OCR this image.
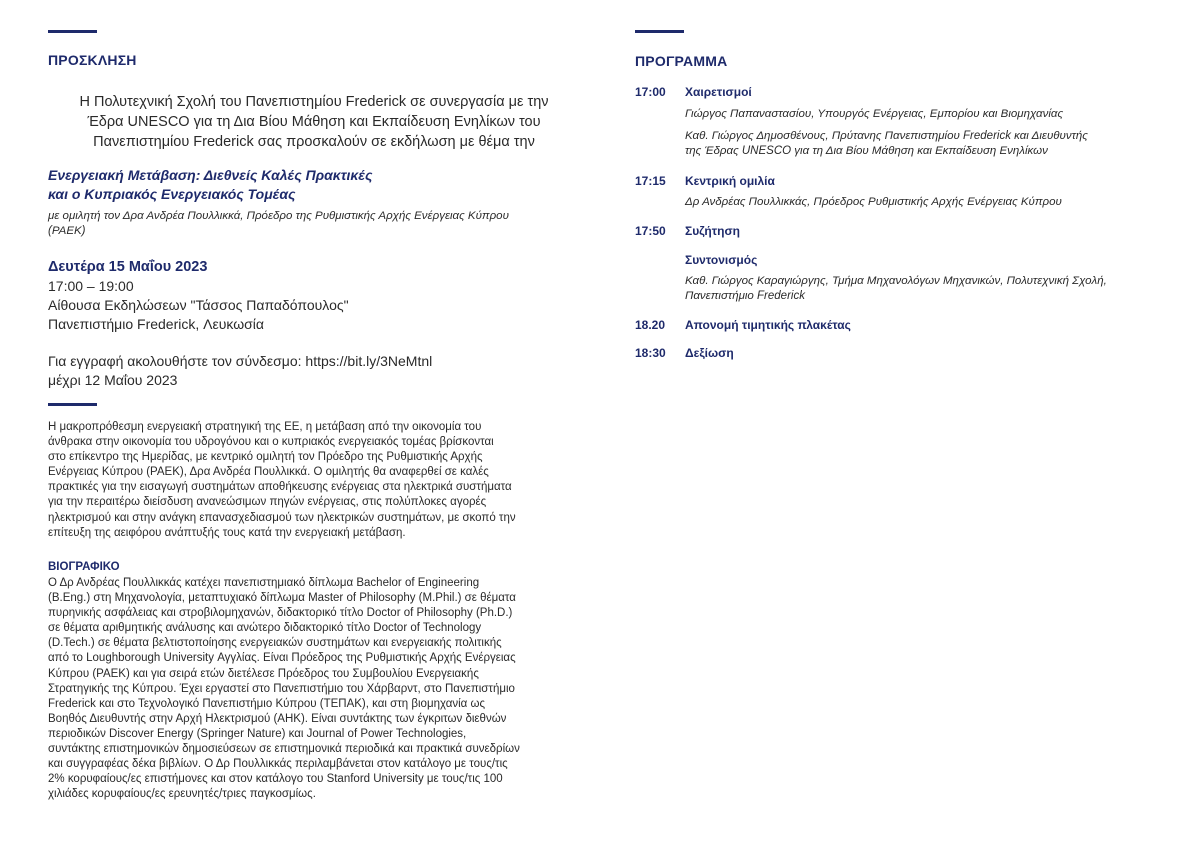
ΠΡΟΣΚΛΗΣΗ
Η Πολυτεχνική Σχολή του Πανεπιστημίου Frederick σε συνεργασία με την
Έδρα UNESCO για τη Δια Βίου Μάθηση και Εκπαίδευση Ενηλίκων του
Πανεπιστημίου Frederick σας προσκαλούν σε εκδήλωση με θέμα την
Ενεργειακή Μετάβαση: Διεθνείς Καλές Πρακτικές
και ο Κυπριακός Ενεργειακός Τομέας
με ομιλητή τον Δρα Ανδρέα Πουλλικκά, Πρόεδρο της Ρυθμιστικής Αρχής Ενέργειας Κύπρου
(ΡΑΕΚ)
Δευτέρα 15 Μαΐου 2023
17:00 – 19:00
Αίθουσα Εκδηλώσεων "Τάσσος Παπαδόπουλος"
Πανεπιστήμιο Frederick, Λευκωσία
Για εγγραφή ακολουθήστε τον σύνδεσμο: https://bit.ly/3NeMtnl
μέχρι 12 Μαΐου 2023
Η μακροπρόθεσμη ενεργειακή στρατηγική της ΕΕ, η μετάβαση από την οικονομία του
άνθρακα στην οικονομία του υδρογόνου και ο κυπριακός ενεργειακός τομέας βρίσκονται
στο επίκεντρο της Ημερίδας, με κεντρικό ομιλητή τον Πρόεδρο της Ρυθμιστικής Αρχής
Ενέργειας Κύπρου (ΡΑΕΚ), Δρα Ανδρέα Πουλλικκά. Ο ομιλητής θα αναφερθεί σε καλές
πρακτικές για την εισαγωγή συστημάτων αποθήκευσης ενέργειας στα ηλεκτρικά συστήματα
για την περαιτέρω διείσδυση ανανεώσιμων πηγών ενέργειας, στις πολύπλοκες αγορές
ηλεκτρισμού και στην ανάγκη επανασχεδιασμού των ηλεκτρικών συστημάτων, με σκοπό την
επίτευξη της αειφόρου ανάπτυξής τους κατά την ενεργειακή μετάβαση.
ΒΙΟΓΡΑΦΙΚΟ
Ο Δρ Ανδρέας Πουλλικκάς κατέχει πανεπιστημιακό δίπλωμα Bachelor of Engineering
(B.Eng.) στη Μηχανολογία, μεταπτυχιακό δίπλωμα Master of Philosophy (M.Phil.) σε θέματα
πυρηνικής ασφάλειας και στροβιλομηχανών, διδακτορικό τίτλο Doctor of Philosophy (Ph.D.)
σε θέματα αριθμητικής ανάλυσης και ανώτερο διδακτορικό τίτλο Doctor of Technology
(D.Tech.) σε θέματα βελτιστοποίησης ενεργειακών συστημάτων και ενεργειακής πολιτικής
από το Loughborough University Αγγλίας. Είναι Πρόεδρος της Ρυθμιστικής Αρχής Ενέργειας
Κύπρου (ΡΑΕΚ) και για σειρά ετών διετέλεσε Πρόεδρος του Συμβουλίου Ενεργειακής
Στρατηγικής της Κύπρου. Έχει εργαστεί στο Πανεπιστήμιο του Χάρβαρντ, στο Πανεπιστήμιο
Frederick και στο Τεχνολογικό Πανεπιστήμιο Κύπρου (ΤΕΠΑΚ), και στη βιομηχανία ως
Βοηθός Διευθυντής στην Αρχή Ηλεκτρισμού (ΑΗΚ). Είναι συντάκτης των έγκριτων διεθνών
περιοδικών Discover Energy (Springer Nature) και Journal of Power Technologies,
συντάκτης επιστημονικών δημοσιεύσεων σε επιστημονικά περιοδικά και πρακτικά συνεδρίων
και συγγραφέας δέκα βιβλίων. Ο Δρ Πουλλικκάς περιλαμβάνεται στον κατάλογο με τους/τις
2% κορυφαίους/ες επιστήμονες και στον κατάλογο του Stanford University με τους/τις 100
χιλιάδες κορυφαίους/ες ερευνητές/τριες παγκοσμίως.
ΠΡΟΓΡΑΜΜΑ
17:00 Χαιρετισμοί
Γιώργος Παπαναστασίου, Υπουργός Ενέργειας, Εμπορίου και Βιομηχανίας
Καθ. Γιώργος Δημοσθένους, Πρύτανης Πανεπιστημίου Frederick και Διευθυντής
της Έδρας UNESCO για τη Δια Βίου Μάθηση και Εκπαίδευση Ενηλίκων
17:15 Κεντρική ομιλία
Δρ Ανδρέας Πουλλικκάς, Πρόεδρος Ρυθμιστικής Αρχής Ενέργειας Κύπρου
17:50 Συζήτηση
Συντονισμός
Καθ. Γιώργος Καραγιώργης, Τμήμα Μηχανολόγων Μηχανικών, Πολυτεχνική Σχολή,
Πανεπιστήμιο Frederick
18.20 Απονομή τιμητικής πλακέτας
18:30 Δεξίωση
